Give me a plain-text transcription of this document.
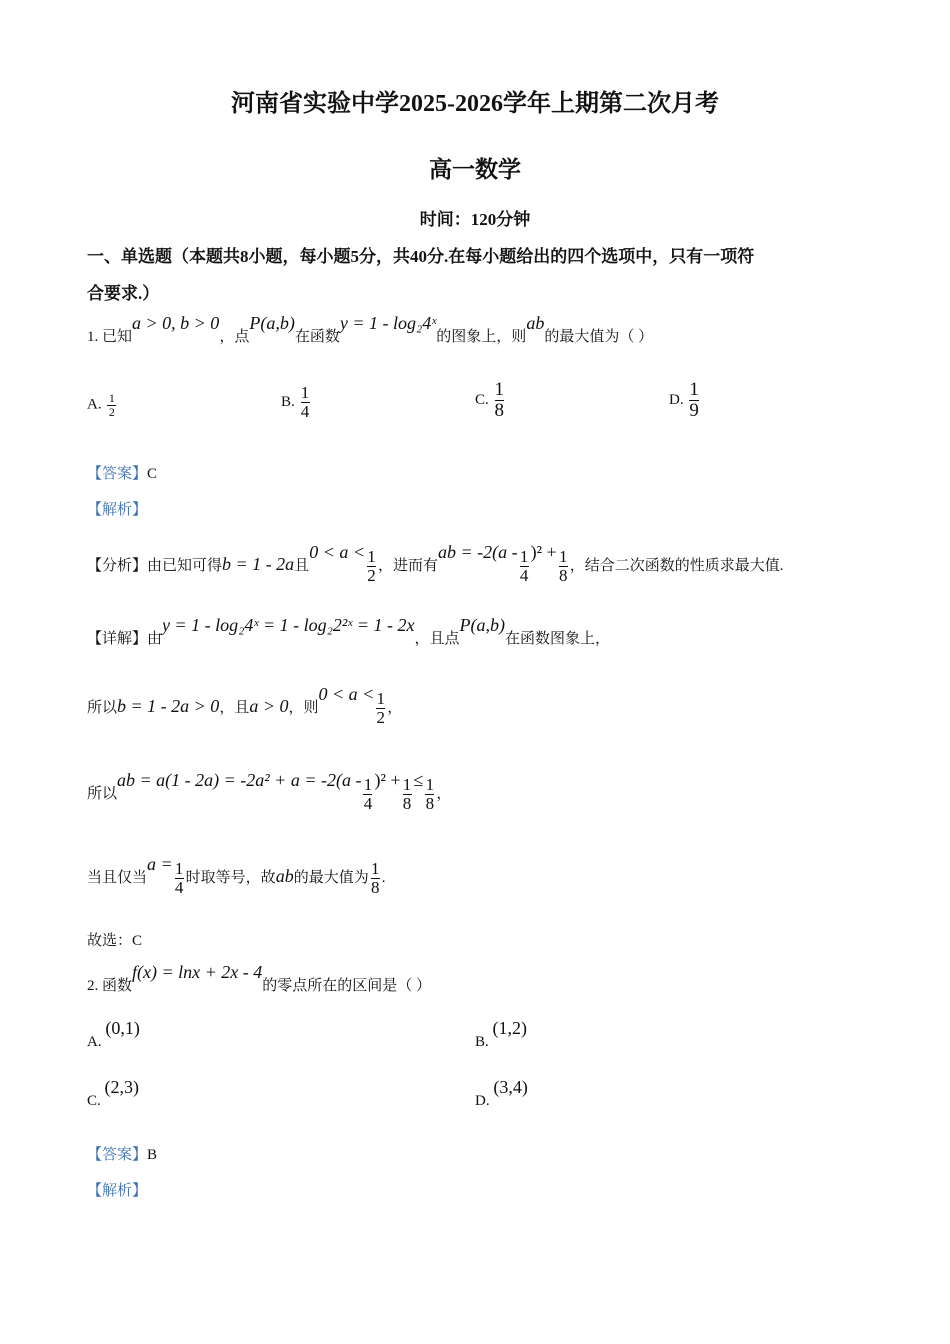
河南省实验中学2025-2026学年上期第二次月考
高一数学
时间：120分钟
一、单选题（本题共8小题，每小题5分，共40分.在每小题给出的四个选项中，只有一项符
合要求.）
1. 已知a > 0, b > 0，点P(a,b)在函数y = 1 - log₂4ˣ的图象上，则ab的最大值为（ ）
A. $\frac{1}{2}$	B. $\frac{1}{4}$	C. $\frac{1}{8}$	D. $\frac{1}{9}$
【答案】C
【解析】
【分析】由已知可得b = 1 - 2a且$0 < a < \frac{1}{2}$ ，进而有ab = $-2(a - \frac{1}{4} )^2 + \frac{1}{8}$ ，结合二次函数的性质求最大值.
【详解】由y = 1 - log₂4ˣ = 1 - log₂2²ˣ = 1 - 2x，且点P(a,b)在函数图象上，
所以b = 1 - 2a > 0，且a > 0，则$0 < a < \frac{1}{2}$ ，
所以ab = $a(1 - 2a) = -2a^2 + a = -2(a - \frac{1}{4} )^2 + \frac{1}{8} \le \frac{1}{8}$ ，
当且仅当$a = \frac{1}{4}$ 时取等号，故ab的最大值为 $\frac{1}{8}$ .
故选：C
2. 函数f(x) = lnx + 2x - 4的零点所在的区间是（ ）
A. (0,1)
B. (1,2)
C. (2,3)
D. (3,4)
【答案】B
【解析】
